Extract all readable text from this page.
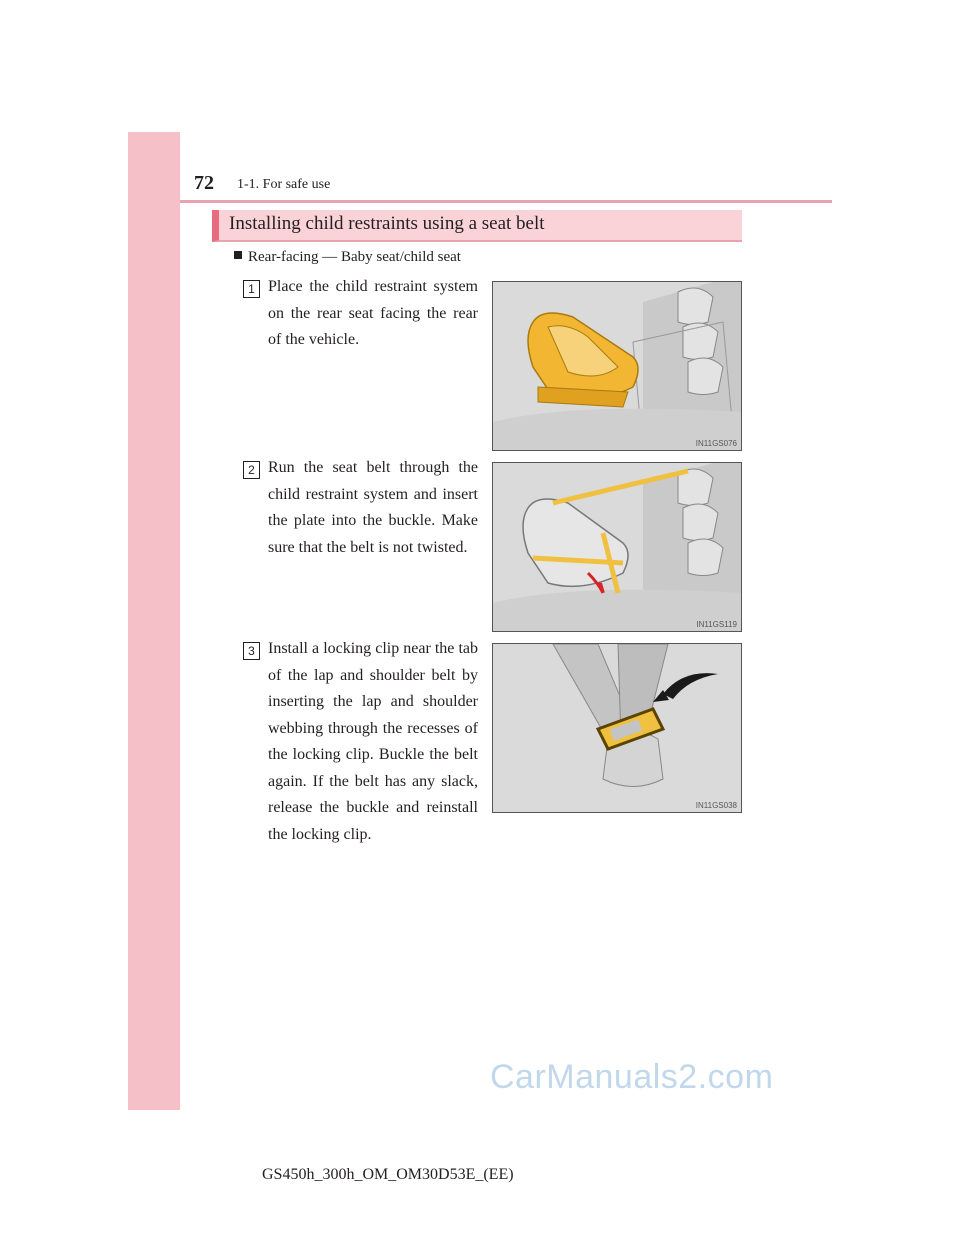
72 1-1. For safe use
Installing child restraints using a seat belt
Rear-facing — Baby seat/child seat
1 Place the child restraint system on the rear seat facing the rear of the vehicle.
IN11GS076
2 Run the seat belt through the child restraint system and insert the plate into the buckle. Make sure that the belt is not twisted.
IN11GS119
3 Install a locking clip near the tab of the lap and shoulder belt by inserting the lap and shoulder webbing through the recesses of the locking clip. Buckle the belt again. If the belt has any slack, release the buckle and reinstall the locking clip.
IN11GS038
CarManuals2.com
GS450h_300h_OM_OM30D53E_(EE)
